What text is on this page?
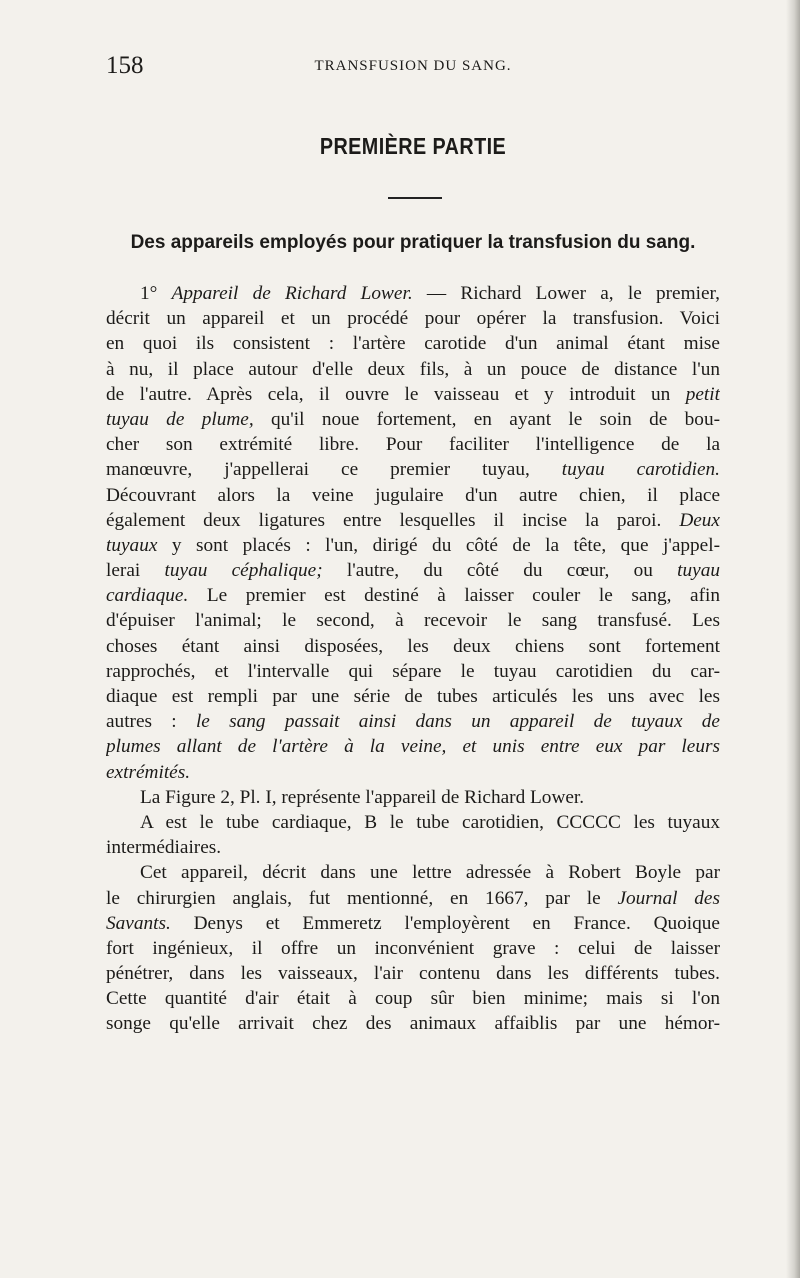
158	TRANSFUSION DU SANG.
PREMIÈRE PARTIE
Des appareils employés pour pratiquer la transfusion du sang.
1° Appareil de Richard Lower. — Richard Lower a, le premier,
décrit un appareil et un procédé pour opérer la transfusion. Voici
en quoi ils consistent : l'artère carotide d'un animal étant mise
à nu, il place autour d'elle deux fils, à un pouce de distance l'un
de l'autre. Après cela, il ouvre le vaisseau et y introduit un petit
tuyau de plume, qu'il noue fortement, en ayant le soin de bou-
cher son extrémité libre. Pour faciliter l'intelligence de la
manœuvre, j'appellerai ce premier tuyau, tuyau carotidien.
Découvrant alors la veine jugulaire d'un autre chien, il place
également deux ligatures entre lesquelles il incise la paroi. Deux
tuyaux y sont placés : l'un, dirigé du côté de la tête, que j'appel-
lerai tuyau céphalique; l'autre, du côté du cœur, ou tuyau
cardiaque. Le premier est destiné à laisser couler le sang, afin
d'épuiser l'animal; le second, à recevoir le sang transfusé. Les
choses étant ainsi disposées, les deux chiens sont fortement
rapprochés, et l'intervalle qui sépare le tuyau carotidien du car-
diaque est rempli par une série de tubes articulés les uns avec les
autres : le sang passait ainsi dans un appareil de tuyaux de
plumes allant de l'artère à la veine, et unis entre eux par leurs
extrémités.
La Figure 2, Pl. I, représente l'appareil de Richard Lower.
A est le tube cardiaque, B le tube carotidien, CCCCC les tuyaux
intermédiaires.
Cet appareil, décrit dans une lettre adressée à Robert Boyle par
le chirurgien anglais, fut mentionné, en 1667, par le Journal des
Savants. Denys et Emmeretz l'employèrent en France. Quoique
fort ingénieux, il offre un inconvénient grave : celui de laisser
pénétrer, dans les vaisseaux, l'air contenu dans les différents tubes.
Cette quantité d'air était à coup sûr bien minime; mais si l'on
songe qu'elle arrivait chez des animaux affaiblis par une hémor-
